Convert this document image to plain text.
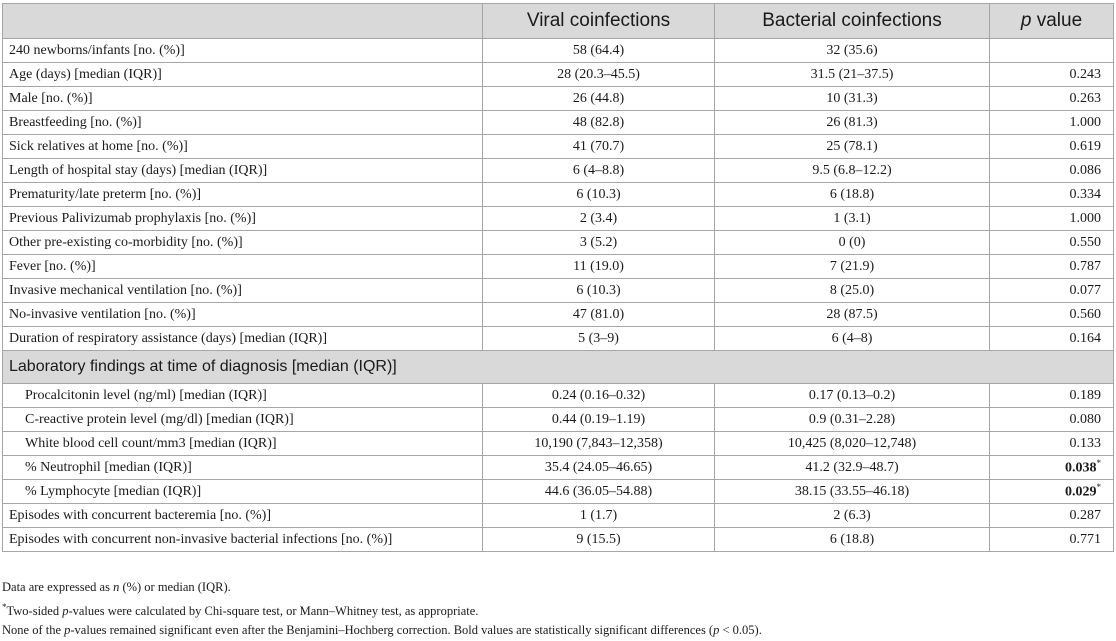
	Viral coinfections	Bacterial coinfections	p value
240 newborns/infants [no. (%)]	58 (64.4)	32 (35.6)	
Age (days) [median (IQR)]	28 (20.3–45.5)	31.5 (21–37.5)	0.243
Male [no. (%)]	26 (44.8)	10 (31.3)	0.263
Breastfeeding [no. (%)]	48 (82.8)	26 (81.3)	1.000
Sick relatives at home [no. (%)]	41 (70.7)	25 (78.1)	0.619
Length of hospital stay (days) [median (IQR)]	6 (4–8.8)	9.5 (6.8–12.2)	0.086
Prematurity/late preterm [no. (%)]	6 (10.3)	6 (18.8)	0.334
Previous Palivizumab prophylaxis [no. (%)]	2 (3.4)	1 (3.1)	1.000
Other pre-existing co-morbidity [no. (%)]	3 (5.2)	0 (0)	0.550
Fever [no. (%)]	11 (19.0)	7 (21.9)	0.787
Invasive mechanical ventilation [no. (%)]	6 (10.3)	8 (25.0)	0.077
No-invasive ventilation [no. (%)]	47 (81.0)	28 (87.5)	0.560
Duration of respiratory assistance (days) [median (IQR)]	5 (3–9)	6 (4–8)	0.164
Laboratory findings at time of diagnosis [median (IQR)]			
Procalcitonin level (ng/ml) [median (IQR)]	0.24 (0.16–0.32)	0.17 (0.13–0.2)	0.189
C-reactive protein level (mg/dl) [median (IQR)]	0.44 (0.19–1.19)	0.9 (0.31–2.28)	0.080
White blood cell count/mm3 [median (IQR)]	10,190 (7,843–12,358)	10,425 (8,020–12,748)	0.133
% Neutrophil [median (IQR)]	35.4 (24.05–46.65)	41.2 (32.9–48.7)	0.038*
% Lymphocyte [median (IQR)]	44.6 (36.05–54.88)	38.15 (33.55–46.18)	0.029*
Episodes with concurrent bacteremia [no. (%)]	1 (1.7)	2 (6.3)	0.287
Episodes with concurrent non-invasive bacterial infections [no. (%)]	9 (15.5)	6 (18.8)	0.771

Data are expressed as n (%) or median (IQR).

*Two-sided p-values were calculated by Chi-square test, or Mann–Whitney test, as appropriate.

None of the p-values remained significant even after the Benjamini–Hochberg correction. Bold values are statistically significant differences (p < 0.05).
